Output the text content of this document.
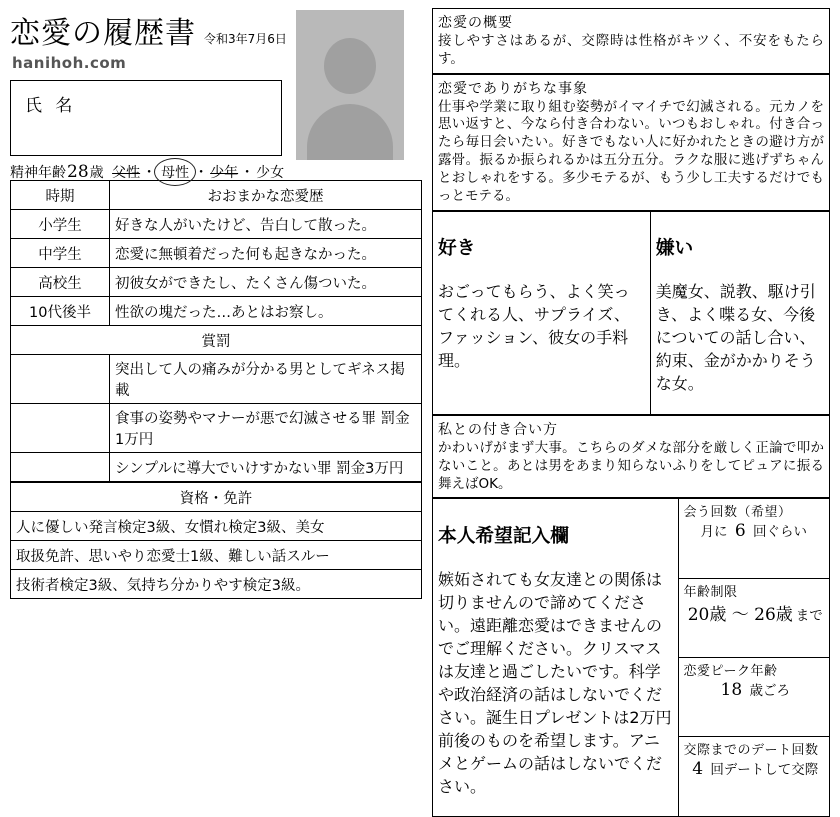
恋愛の履歴書 令和3年7月6日
hanihoh.com
氏 名
精神年齢 28 歳
父性 ・ 母性 ・ 少年 ・ 少女
時期	おおまかな恋愛歴
小学生	好きな人がいたけど、告白して散った。
中学生	恋愛に無頓着だった何も起きなかった。
高校生	初彼女ができたし、たくさん傷ついた。
10代後半	性欲の塊だった…あとはお察し。
賞罰	
	突出して人の痛みが分かる男としてギネス掲載
	食事の姿勢やマナーが悪で幻滅させる罪 罰金1万円
	シンプルに導大でいけすかない罪 罰金3万円
資格・免許
人に優しい発言検定3級、女慣れ検定3級、美女
取扱免許、思いやり恋愛士1級、難しい話スルー
技術者検定3級、気持ち分かりやす検定3級。
恋愛の概要

接しやすさはあるが、交際時は性格がキツく、不安をもたらす。

恋愛でありがちな事象

仕事や学業に取り組む姿勢がイマイチで幻滅される。元カノを思い返すと、今なら付き合わない。いつもおしゃれ。付き合ったら毎日会いたい。好きでもない人に好かれたときの避け方が露骨。振るか振られるかは五分五分。ラクな服に逃げずちゃんとおしゃれをする。多少モテるが、もう少し工夫するだけでもっとモテる。

好き

おごってもらう、よく笑ってくれる人、サプライズ、ファッション、彼女の手料理。

嫌い

美魔女、説教、駆け引き、よく喋る女、今後についての話し合い、約束、金がかかりそうな女。

私との付き合い方

かわいげがまず大事。こちらのダメな部分を厳しく正論で叩かないこと。あとは男をあまり知らないふりをしてピュアに振る舞えばOK。

本人希望記入欄

嫉妬されても女友達との関係は切りませんので諦めてください。遠距離恋愛はできませんのでご理解ください。クリスマスは友達と過ごしたいです。科学や政治経済の話はしないでください。誕生日プレゼントは2万円前後のものを希望します。アニメとゲームの話はしないでください。

会う回数（希望）
月に 6 回ぐらい
年齢制限
20歳 ～ 26歳 まで
恋愛ピーク年齢
18 歳ごろ
交際までのデート回数
4 回デートして交際
